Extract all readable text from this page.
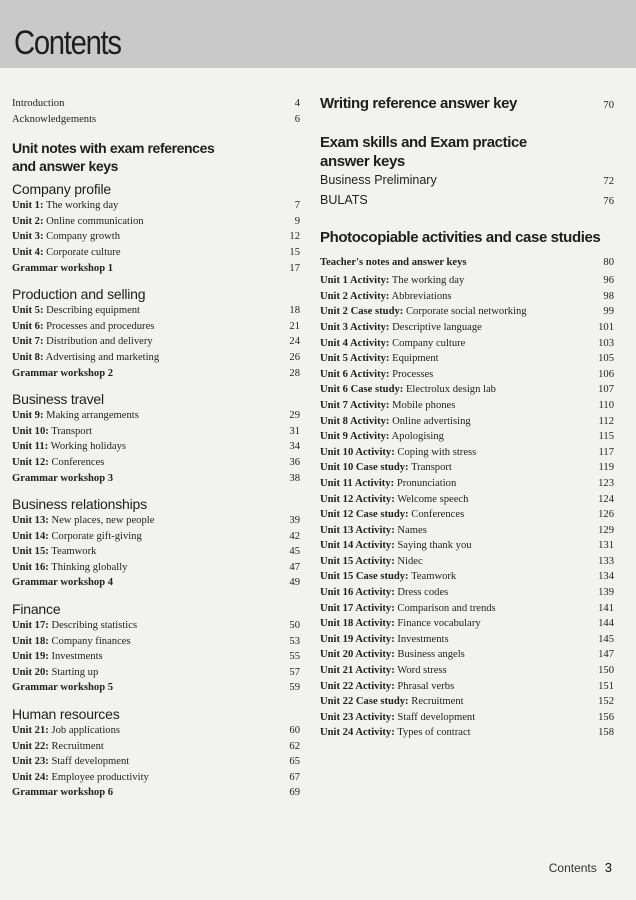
Contents
Introduction	4
Acknowledgements	6
Unit notes with exam references
and answer keys
Company profile
Unit 1: The working day	7
Unit 2: Online communication	9
Unit 3: Company growth	12
Unit 4: Corporate culture	15
Grammar workshop 1	17
Production and selling
Unit 5: Describing equipment	18
Unit 6: Processes and procedures	21
Unit 7: Distribution and delivery	24
Unit 8: Advertising and marketing	26
Grammar workshop 2	28
Business travel
Unit 9: Making arrangements	29
Unit 10: Transport	31
Unit 11: Working holidays	34
Unit 12: Conferences	36
Grammar workshop 3	38
Business relationships
Unit 13: New places, new people	39
Unit 14: Corporate gift-giving	42
Unit 15: Teamwork	45
Unit 16: Thinking globally	47
Grammar workshop 4	49
Finance
Unit 17: Describing statistics	50
Unit 18: Company finances	53
Unit 19: Investments	55
Unit 20: Starting up	57
Grammar workshop 5	59
Human resources
Unit 21: Job applications	60
Unit 22: Recruitment	62
Unit 23: Staff development	65
Unit 24: Employee productivity	67
Grammar workshop 6	69
Writing reference answer key	70
Exam skills and Exam practice
answer keys
Business Preliminary	72
BULATS	76
Photocopiable activities and case studies
Teacher's notes and answer keys	80
Unit 1 Activity: The working day	96
Unit 2 Activity: Abbreviations	98
Unit 2 Case study: Corporate social networking	99
Unit 3 Activity: Descriptive language	101
Unit 4 Activity: Company culture	103
Unit 5 Activity: Equipment	105
Unit 6 Activity: Processes	106
Unit 6 Case study: Electrolux design lab	107
Unit 7 Activity: Mobile phones	110
Unit 8 Activity: Online advertising	112
Unit 9 Activity: Apologising	115
Unit 10 Activity: Coping with stress	117
Unit 10 Case study: Transport	119
Unit 11 Activity: Pronunciation	123
Unit 12 Activity: Welcome speech	124
Unit 12 Case study: Conferences	126
Unit 13 Activity: Names	129
Unit 14 Activity: Saying thank you	131
Unit 15 Activity: Nidec	133
Unit 15 Case study: Teamwork	134
Unit 16 Activity: Dress codes	139
Unit 17 Activity: Comparison and trends	141
Unit 18 Activity: Finance vocabulary	144
Unit 19 Activity: Investments	145
Unit 20 Activity: Business angels	147
Unit 21 Activity: Word stress	150
Unit 22 Activity: Phrasal verbs	151
Unit 22 Case study: Recruitment	152
Unit 23 Activity: Staff development	156
Unit 24 Activity: Types of contract	158
Contents 3
